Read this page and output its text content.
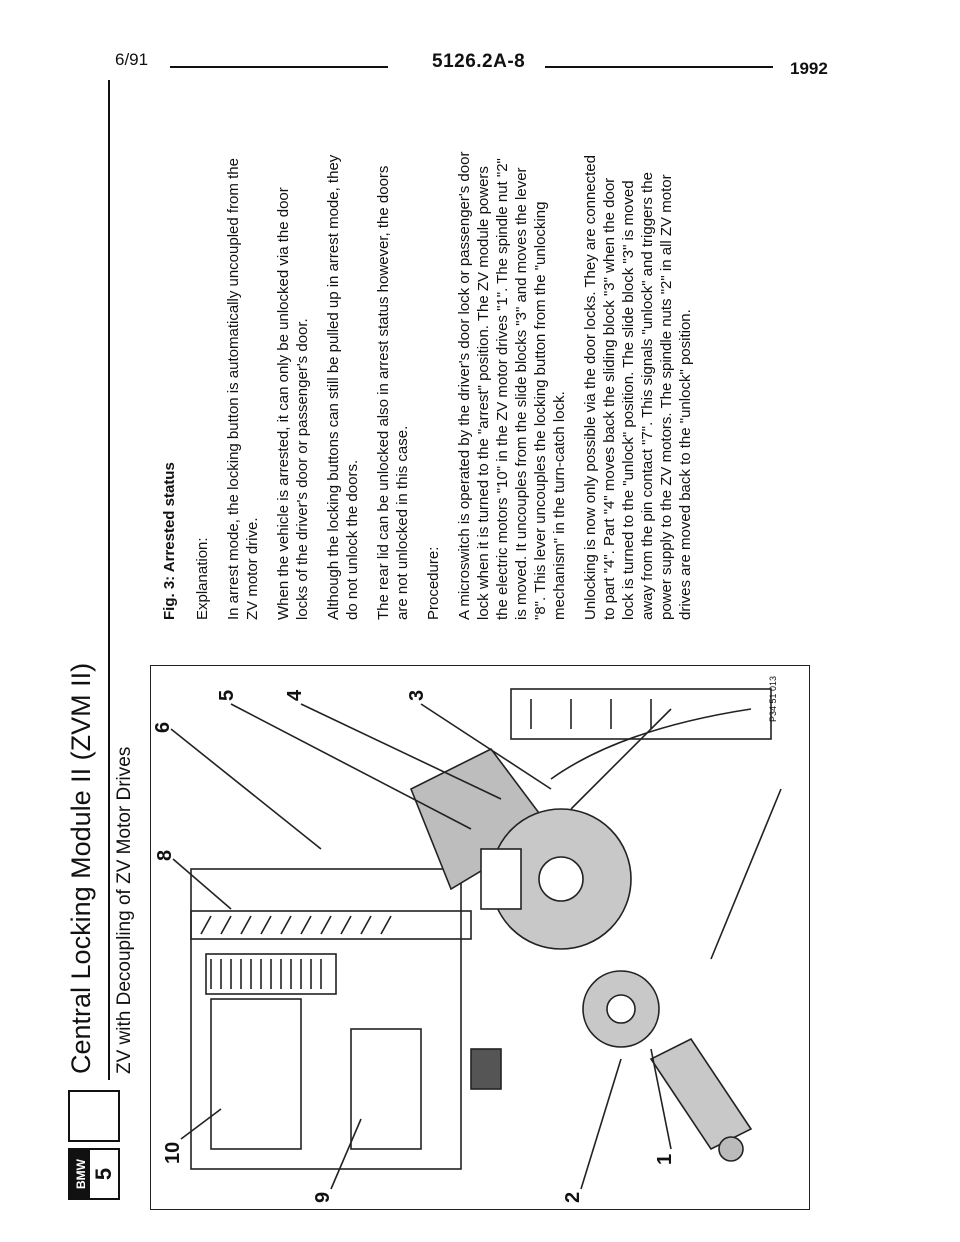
6/91	5126.2A-8	1992
BMW 5
Central Locking Module II (ZVM II) ZV with Decoupling of ZV Motor Drives
10
9
8
6
5 4	3
2
1
P34 51 013

Fig. 3: Arrested status Explanation: In arrest mode, the locking button is automatically uncoupled from the ZV motor drive. When the vehicle is arrested, it can only be unlocked via the door locks of the driver's door or passenger's door. Although the locking buttons can still be pulled up in arrest mode, they do not unlock the doors. The rear lid can be unlocked also in arrest status however, the doors are not unlocked in this case. Procedure: A microswitch is operated by the driver's door lock or passenger's door lock when it is turned to the "arrest" position. The ZV module powers the electric motors "10" in the ZV motor drives "1". The spindle nut "2" is moved. It uncouples from the slide blocks "3" and moves the lever "8". This lever uncouples the locking button from the "unlocking mechanism" in the turn-catch lock. Unlocking is now only possible via the door locks. They are connected to part "4". Part "4" moves back the sliding block "3" when the door lock is turned to the "unlock" position. The slide block "3" is moved away from the pin contact "7". This signals "unlock" and triggers the power supply to the ZV motors. The spindle nuts "2" in all ZV motor drives are moved back to the "unlock" position.
